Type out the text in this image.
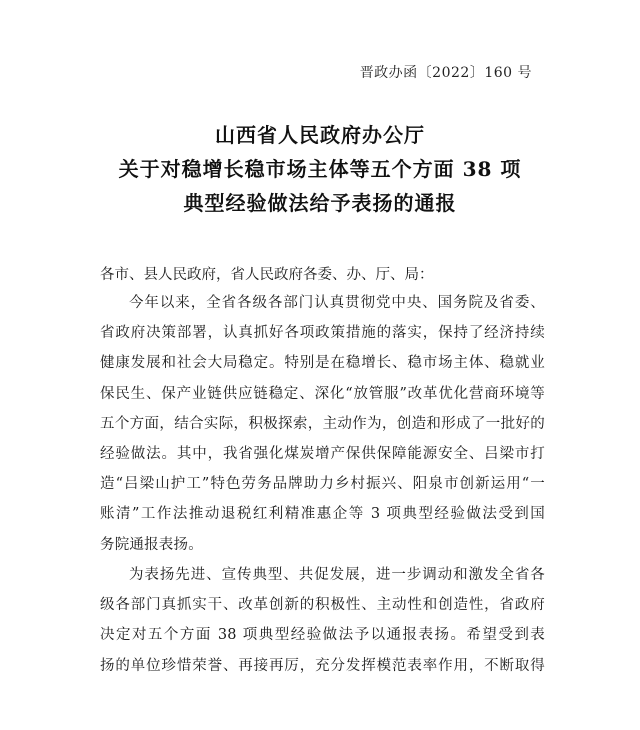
晋政办函〔2022〕160 号
山西省人民政府办公厅
关于对稳增长稳市场主体等五个方面 38 项
典型经验做法给予表扬的通报
各市、县人民政府，省人民政府各委、办、厅、局：
今年以来，全省各级各部门认真贯彻党中央、国务院及省委、
省政府决策部署，认真抓好各项政策措施的落实，保持了经济持续
健康发展和社会大局稳定。特别是在稳增长、稳市场主体、稳就业
保民生、保产业链供应链稳定、深化“放管服”改革优化营商环境等
五个方面，结合实际，积极探索，主动作为，创造和形成了一批好的
经验做法。其中，我省强化煤炭增产保供保障能源安全、吕梁市打
造“吕梁山护工”特色劳务品牌助力乡村振兴、阳泉市创新运用“一
账清”工作法推动退税红利精准惠企等 3 项典型经验做法受到国
务院通报表扬。
为表扬先进、宣传典型、共促发展，进一步调动和激发全省各
级各部门真抓实干、改革创新的积极性、主动性和创造性，省政府
决定对五个方面 38 项典型经验做法予以通报表扬。希望受到表
扬的单位珍惜荣誉、再接再厉，充分发挥模范表率作用，不断取得
